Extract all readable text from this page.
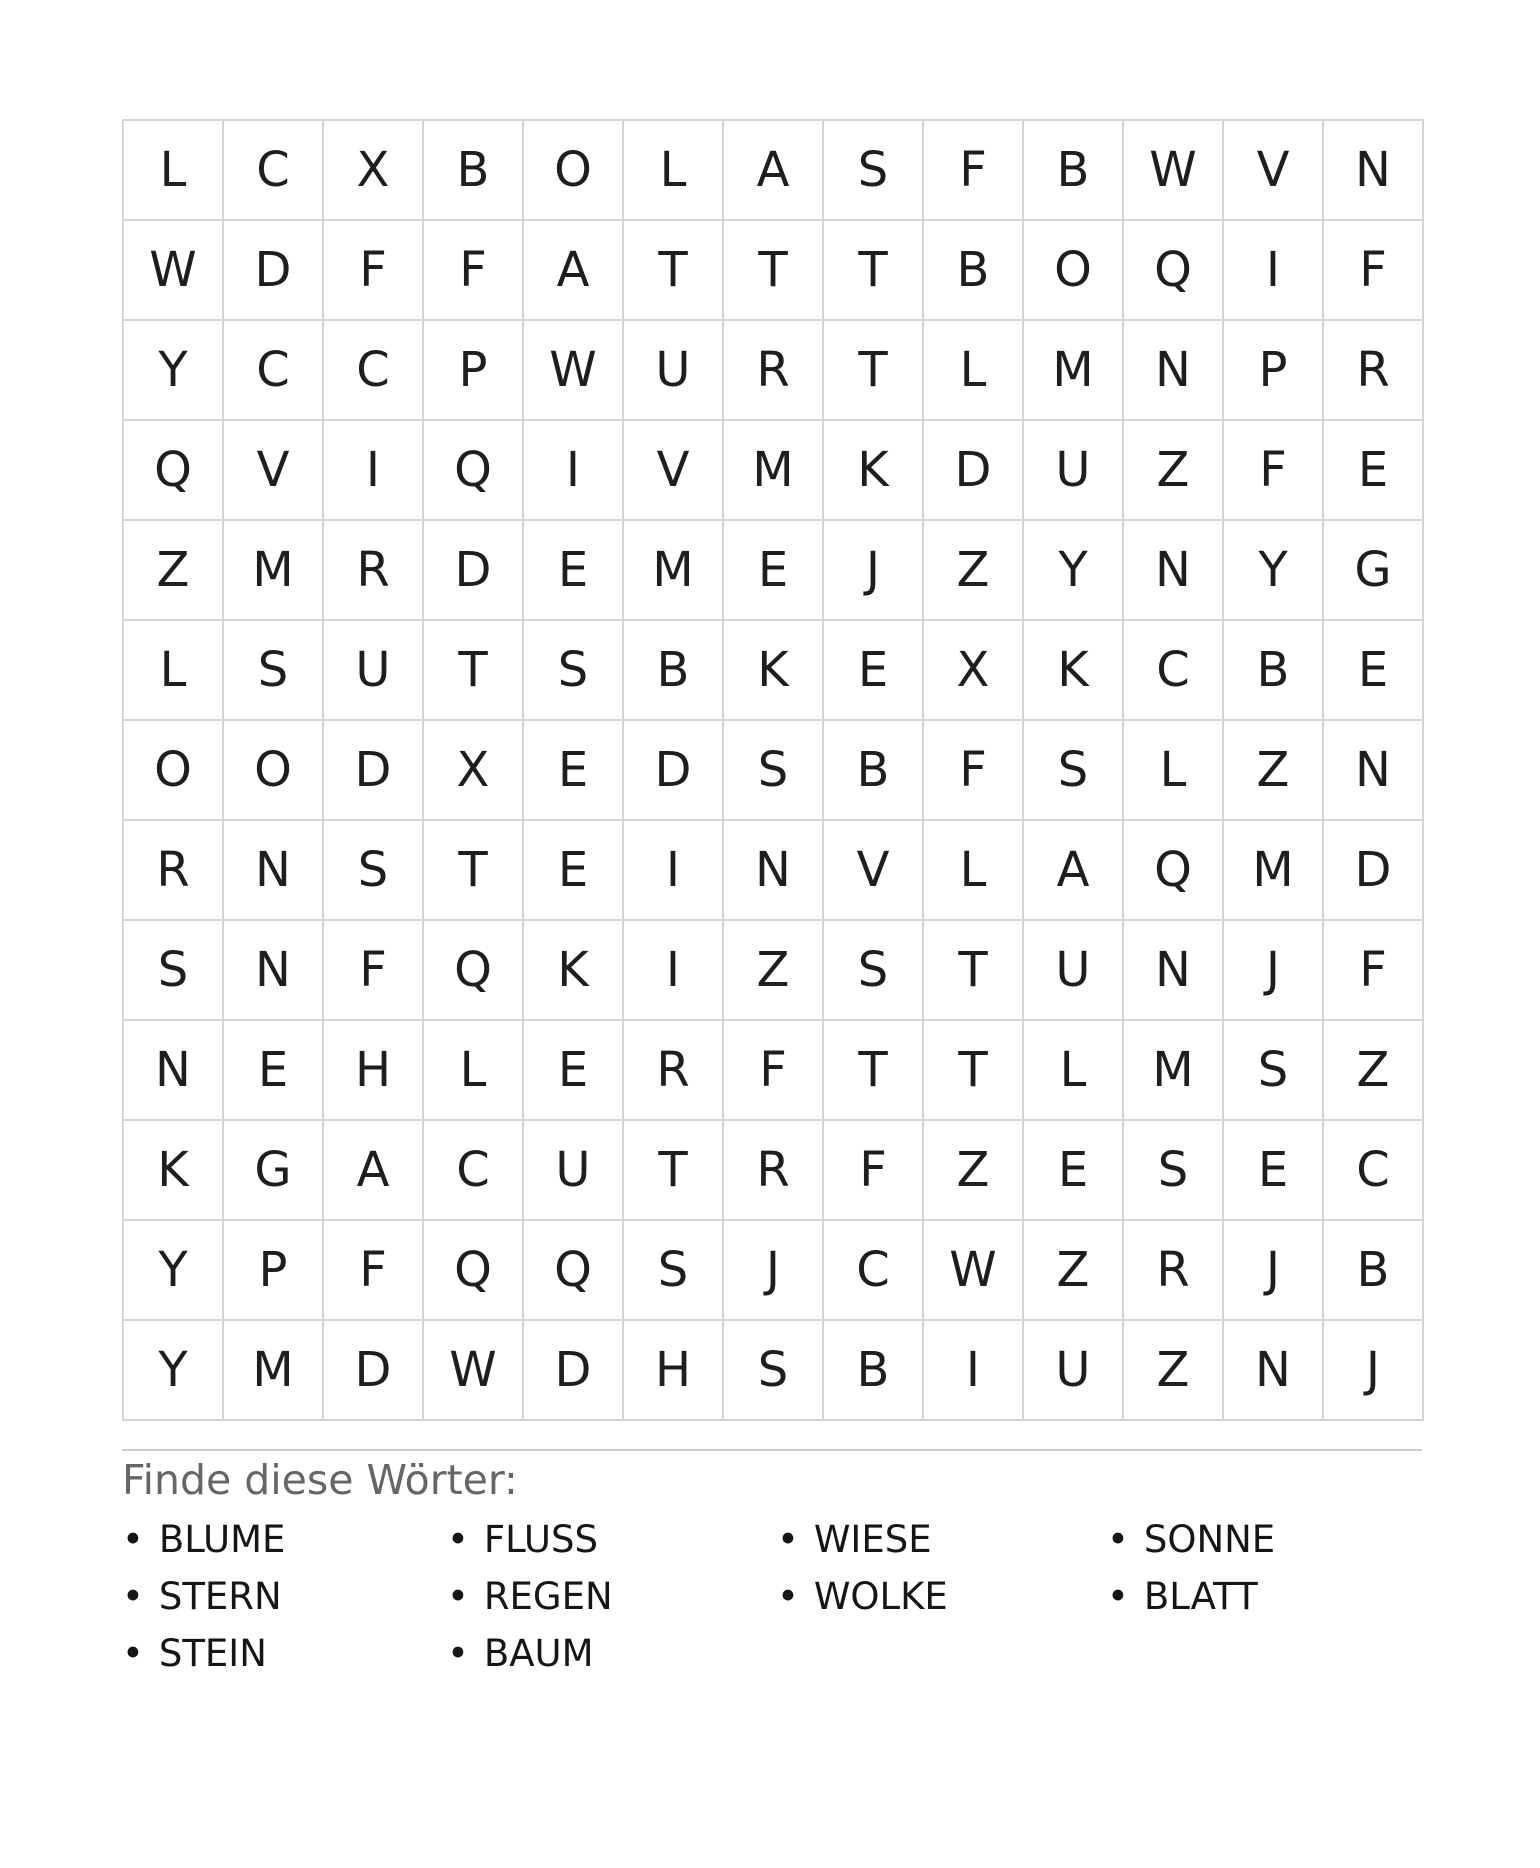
L	C	X	B	O	L	A	S	F	B	W	V	N
W	D	F	F	A	T	T	T	B	O	Q	I	F
Y	C	C	P	W	U	R	T	L	M	N	P	R
Q	V	I	Q	I	V	M	K	D	U	Z	F	E
Z	M	R	D	E	M	E	J	Z	Y	N	Y	G
L	S	U	T	S	B	K	E	X	K	C	B	E
O	O	D	X	E	D	S	B	F	S	L	Z	N
R	N	S	T	E	I	N	V	L	A	Q	M	D
S	N	F	Q	K	I	Z	S	T	U	N	J	F
N	E	H	L	E	R	F	T	T	L	M	S	Z
K	G	A	C	U	T	R	F	Z	E	S	E	C
Y	P	F	Q	Q	S	J	C	W	Z	R	J	B
Y	M	D	W	D	H	S	B	I	U	Z	N	J

Finde diese Wörter:

• BLUME
• STERN
• STEIN
• FLUSS
• REGEN
• BAUM
• WIESE
• WOLKE
• SONNE
• BLATT
